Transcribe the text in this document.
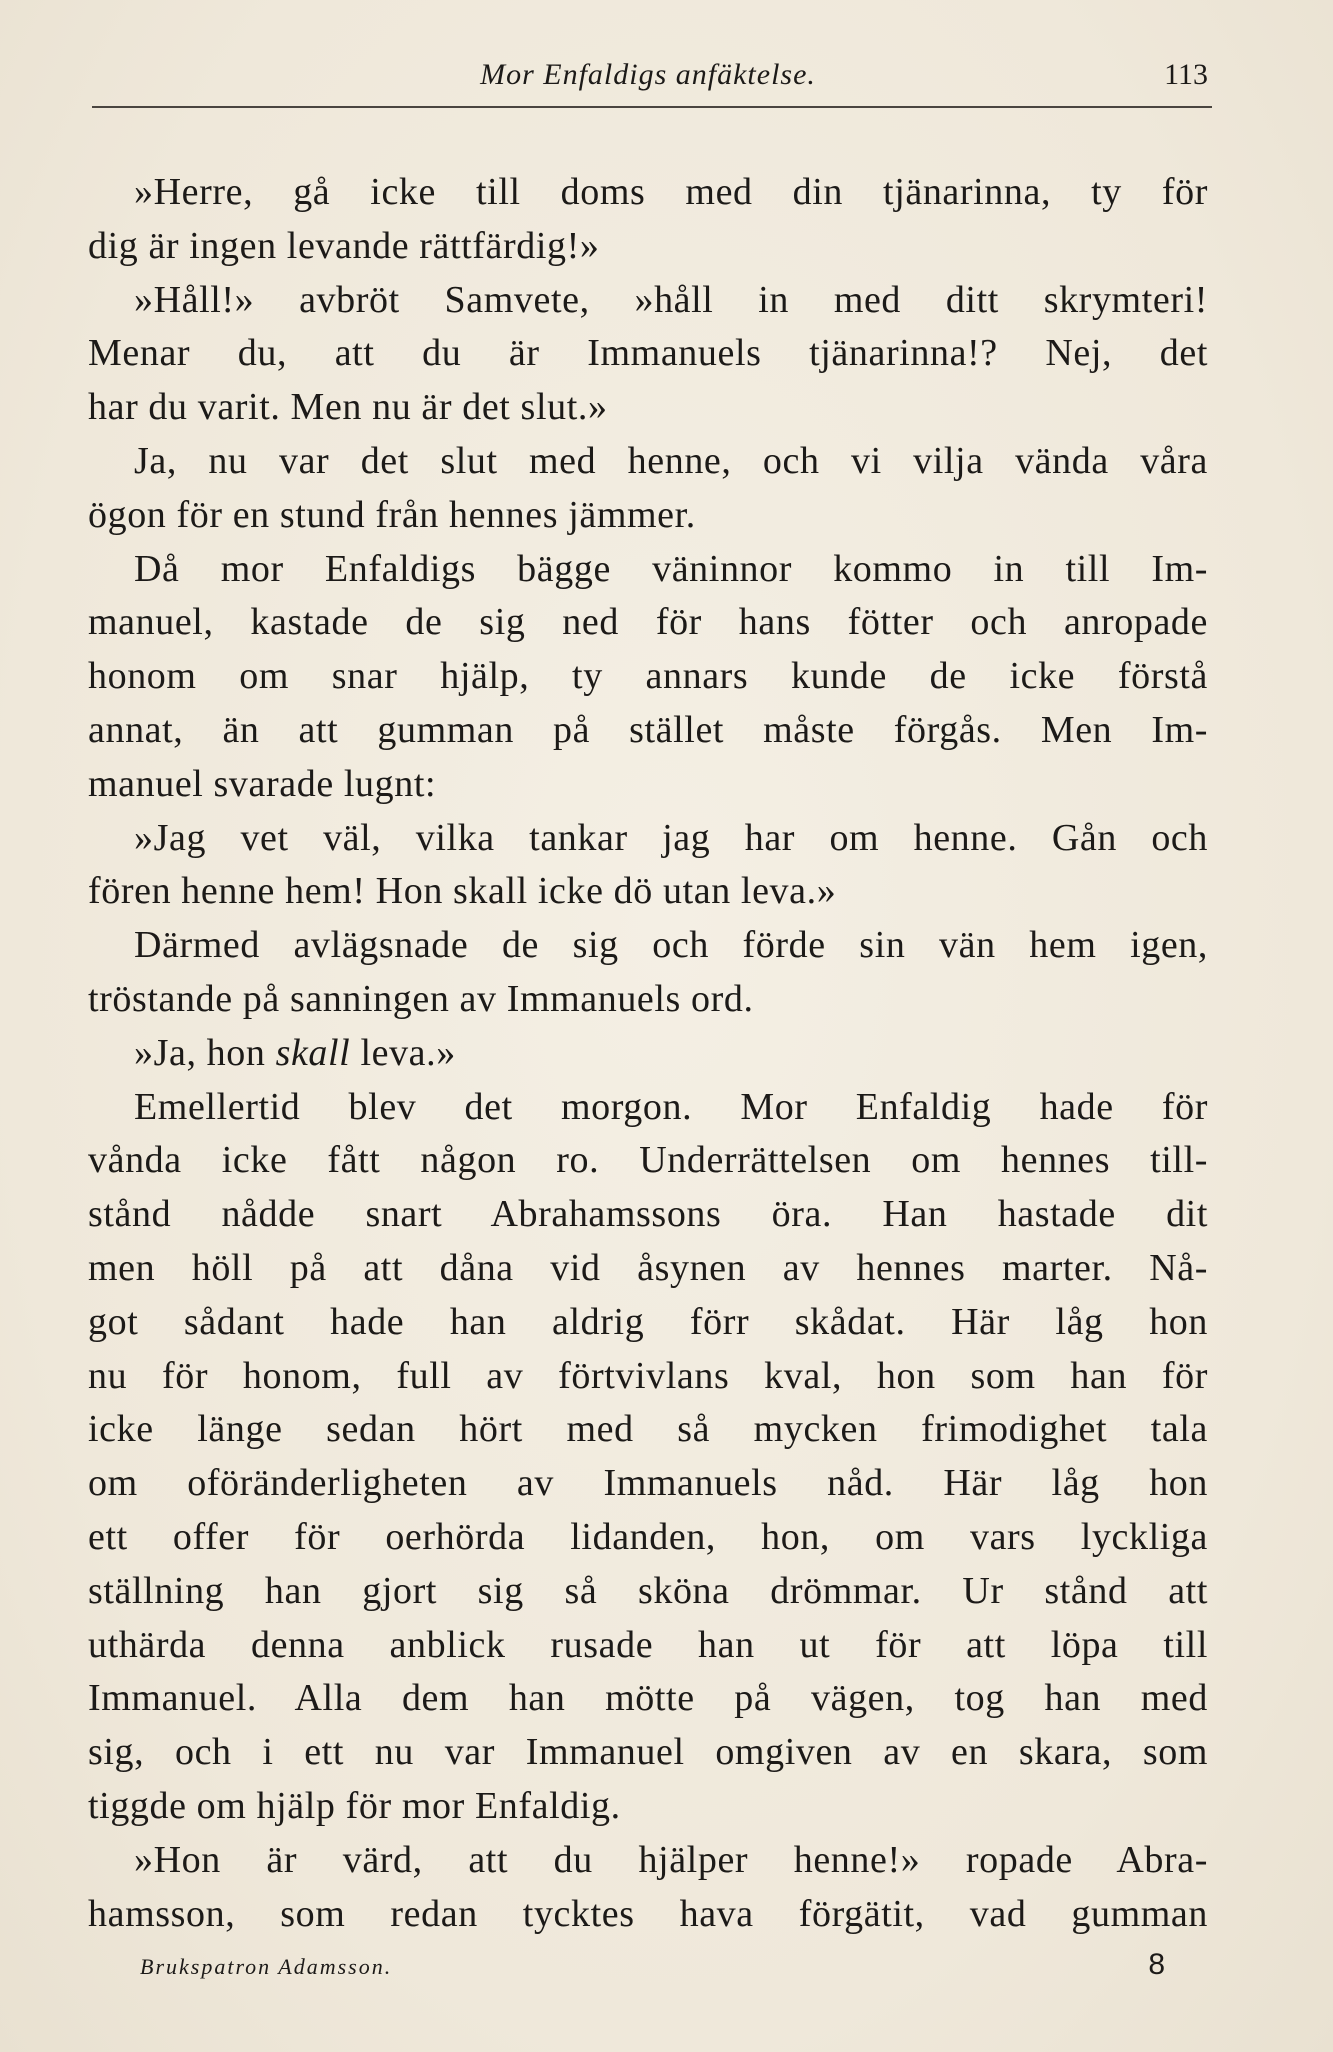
Mor Enfaldigs anfäktelse.	113
»Herre, gå icke till doms med din tjänarinna, ty för
dig är ingen levande rättfärdig!»
»Håll!» avbröt Samvete, »håll in med ditt skrymteri!
Menar du, att du är Immanuels tjänarinna!? Nej, det
har du varit. Men nu är det slut.»
Ja, nu var det slut med henne, och vi vilja vända våra
ögon för en stund från hennes jämmer.
Då mor Enfaldigs bägge väninnor kommo in till Im-
manuel, kastade de sig ned för hans fötter och anropade
honom om snar hjälp, ty annars kunde de icke förstå
annat, än att gumman på stället måste förgås. Men Im-
manuel svarade lugnt:
»Jag vet väl, vilka tankar jag har om henne. Gån och
fören henne hem! Hon skall icke dö utan leva.»
Därmed avlägsnade de sig och förde sin vän hem igen,
tröstande på sanningen av Immanuels ord.
»Ja, hon skall leva.»
Emellertid blev det morgon. Mor Enfaldig hade för
vånda icke fått någon ro. Underrättelsen om hennes till-
stånd nådde snart Abrahamssons öra. Han hastade dit
men höll på att dåna vid åsynen av hennes marter. Nå-
got sådant hade han aldrig förr skådat. Här låg hon
nu för honom, full av förtvivlans kval, hon som han för
icke länge sedan hört med så mycken frimodighet tala
om oföränderligheten av Immanuels nåd. Här låg hon
ett offer för oerhörda lidanden, hon, om vars lyckliga
ställning han gjort sig så sköna drömmar. Ur stånd att
uthärda denna anblick rusade han ut för att löpa till
Immanuel. Alla dem han mötte på vägen, tog han med
sig, och i ett nu var Immanuel omgiven av en skara, som
tiggde om hjälp för mor Enfaldig.
»Hon är värd, att du hjälper henne!» ropade Abra-
hamsson, som redan tycktes hava förgätit, vad gumman
Brukspatron Adamsson.	8
